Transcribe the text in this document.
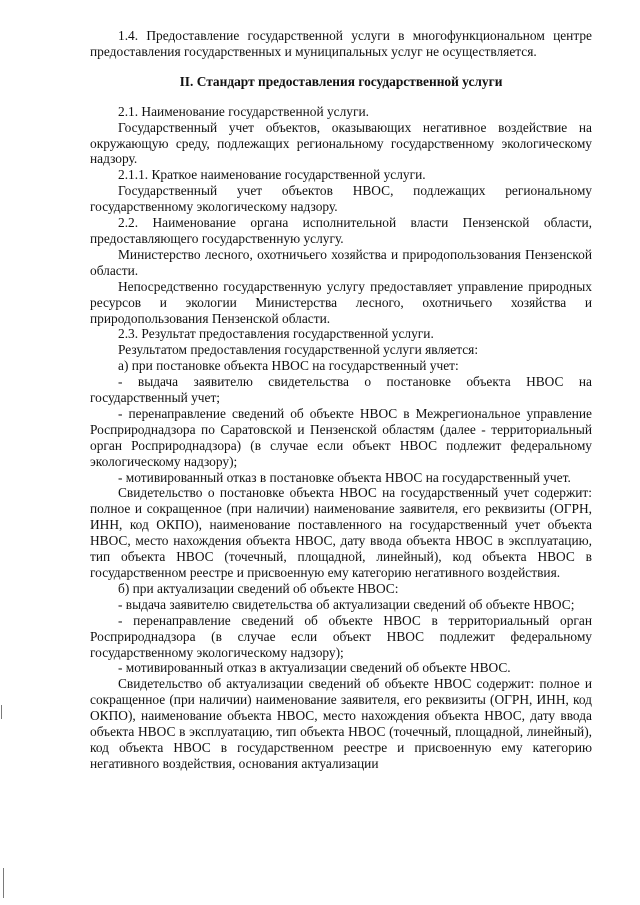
1.4. Предоставление государственной услуги в многофункциональном центре предоставления государственных и муниципальных услуг не осуществляется.

II. Стандарт предоставления государственной услуги

2.1. Наименование государственной услуги.

Государственный учет объектов, оказывающих негативное воздействие на окружающую среду, подлежащих региональному государственному экологическому надзору.

2.1.1. Краткое наименование государственной услуги.

Государственный учет объектов НВОС, подлежащих региональному государственному экологическому надзору.

2.2. Наименование органа исполнительной власти Пензенской области, предоставляющего государственную услугу.

Министерство лесного, охотничьего хозяйства и природопользования Пензенской области.

Непосредственно государственную услугу предоставляет управление природных ресурсов и экологии Министерства лесного, охотничьего хозяйства и природопользования Пензенской области.

2.3. Результат предоставления государственной услуги.

Результатом предоставления государственной услуги является:

а) при постановке объекта НВОС на государственный учет:

- выдача заявителю свидетельства о постановке объекта НВОС на государственный учет;

- перенаправление сведений об объекте НВОС в Межрегиональное управление Росприроднадзора по Саратовской и Пензенской областям (далее - территориальный орган Росприроднадзора) (в случае если объект НВОС подлежит федеральному экологическому надзору);

- мотивированный отказ в постановке объекта НВОС на государственный учет.

Свидетельство о постановке объекта НВОС на государственный учет содержит: полное и сокращенное (при наличии) наименование заявителя, его реквизиты (ОГРН, ИНН, код ОКПО), наименование поставленного на государственный учет объекта НВОС, место нахождения объекта НВОС, дату ввода объекта НВОС в эксплуатацию, тип объекта НВОС (точечный, площадной, линейный), код объекта НВОС в государственном реестре и присвоенную ему категорию негативного воздействия.

б) при актуализации сведений об объекте НВОС:

- выдача заявителю свидетельства об актуализации сведений об объекте НВОС;

- перенаправление сведений об объекте НВОС в территориальный орган Росприроднадзора (в случае если объект НВОС подлежит федеральному государственному экологическому надзору);

- мотивированный отказ в актуализации сведений об объекте НВОС.

Свидетельство об актуализации сведений об объекте НВОС содержит: полное и сокращенное (при наличии) наименование заявителя, его реквизиты (ОГРН, ИНН, код ОКПО), наименование объекта НВОС, место нахождения объекта НВОС, дату ввода объекта НВОС в эксплуатацию, тип объекта НВОС (точечный, площадной, линейный), код объекта НВОС в государственном реестре и присвоенную ему категорию негативного воздействия, основания актуализации
